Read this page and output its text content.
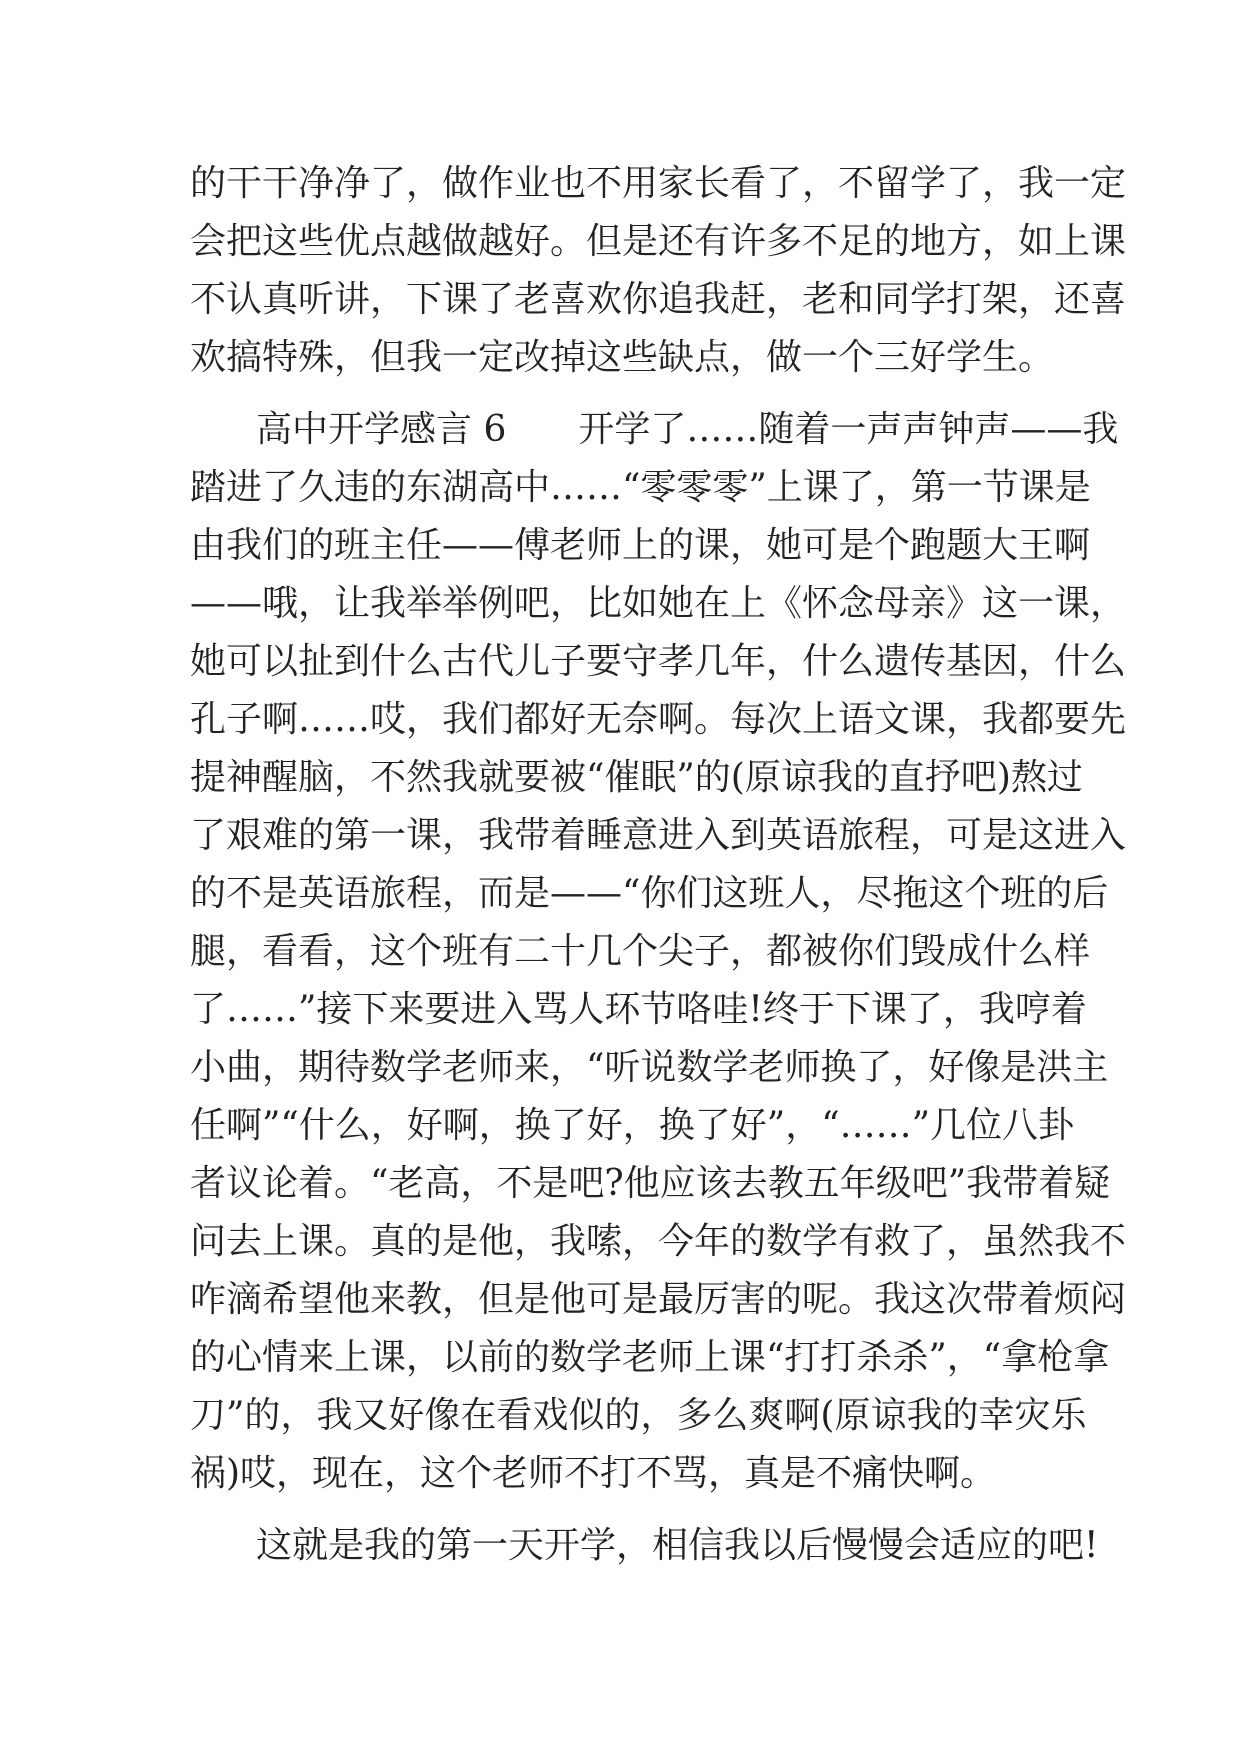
的干干净净了，做作业也不用家长看了，不留学了，我一定
会把这些优点越做越好。但是还有许多不足的地方，如上课
不认真听讲，下课了老喜欢你追我赶，老和同学打架，还喜
欢搞特殊，但我一定改掉这些缺点，做一个三好学生。
高中开学感言 6　　开学了……随着一声声钟声——我
踏进了久违的东湖高中……“零零零”上课了，第一节课是
由我们的班主任——傅老师上的课，她可是个跑题大王啊
——哦，让我举举例吧，比如她在上《怀念母亲》这一课，
她可以扯到什么古代儿子要守孝几年，什么遗传基因，什么
孔子啊……哎，我们都好无奈啊。每次上语文课，我都要先
提神醒脑，不然我就要被“催眠”的(原谅我的直抒吧)熬过
了艰难的第一课，我带着睡意进入到英语旅程，可是这进入
的不是英语旅程，而是——“你们这班人，尽拖这个班的后
腿，看看，这个班有二十几个尖子，都被你们毁成什么样
了……”接下来要进入骂人环节咯哇!终于下课了，我哼着
小曲，期待数学老师来，“听说数学老师换了，好像是洪主
任啊”“什么，好啊，换了好，换了好”，“……”几位八卦
者议论着。“老高，不是吧?他应该去教五年级吧”我带着疑
问去上课。真的是他，我嗦，今年的数学有救了，虽然我不
咋滴希望他来教，但是他可是最厉害的呢。我这次带着烦闷
的心情来上课，以前的数学老师上课“打打杀杀”，“拿枪拿
刀”的，我又好像在看戏似的，多么爽啊(原谅我的幸灾乐
祸)哎，现在，这个老师不打不骂，真是不痛快啊。
这就是我的第一天开学，相信我以后慢慢会适应的吧!
